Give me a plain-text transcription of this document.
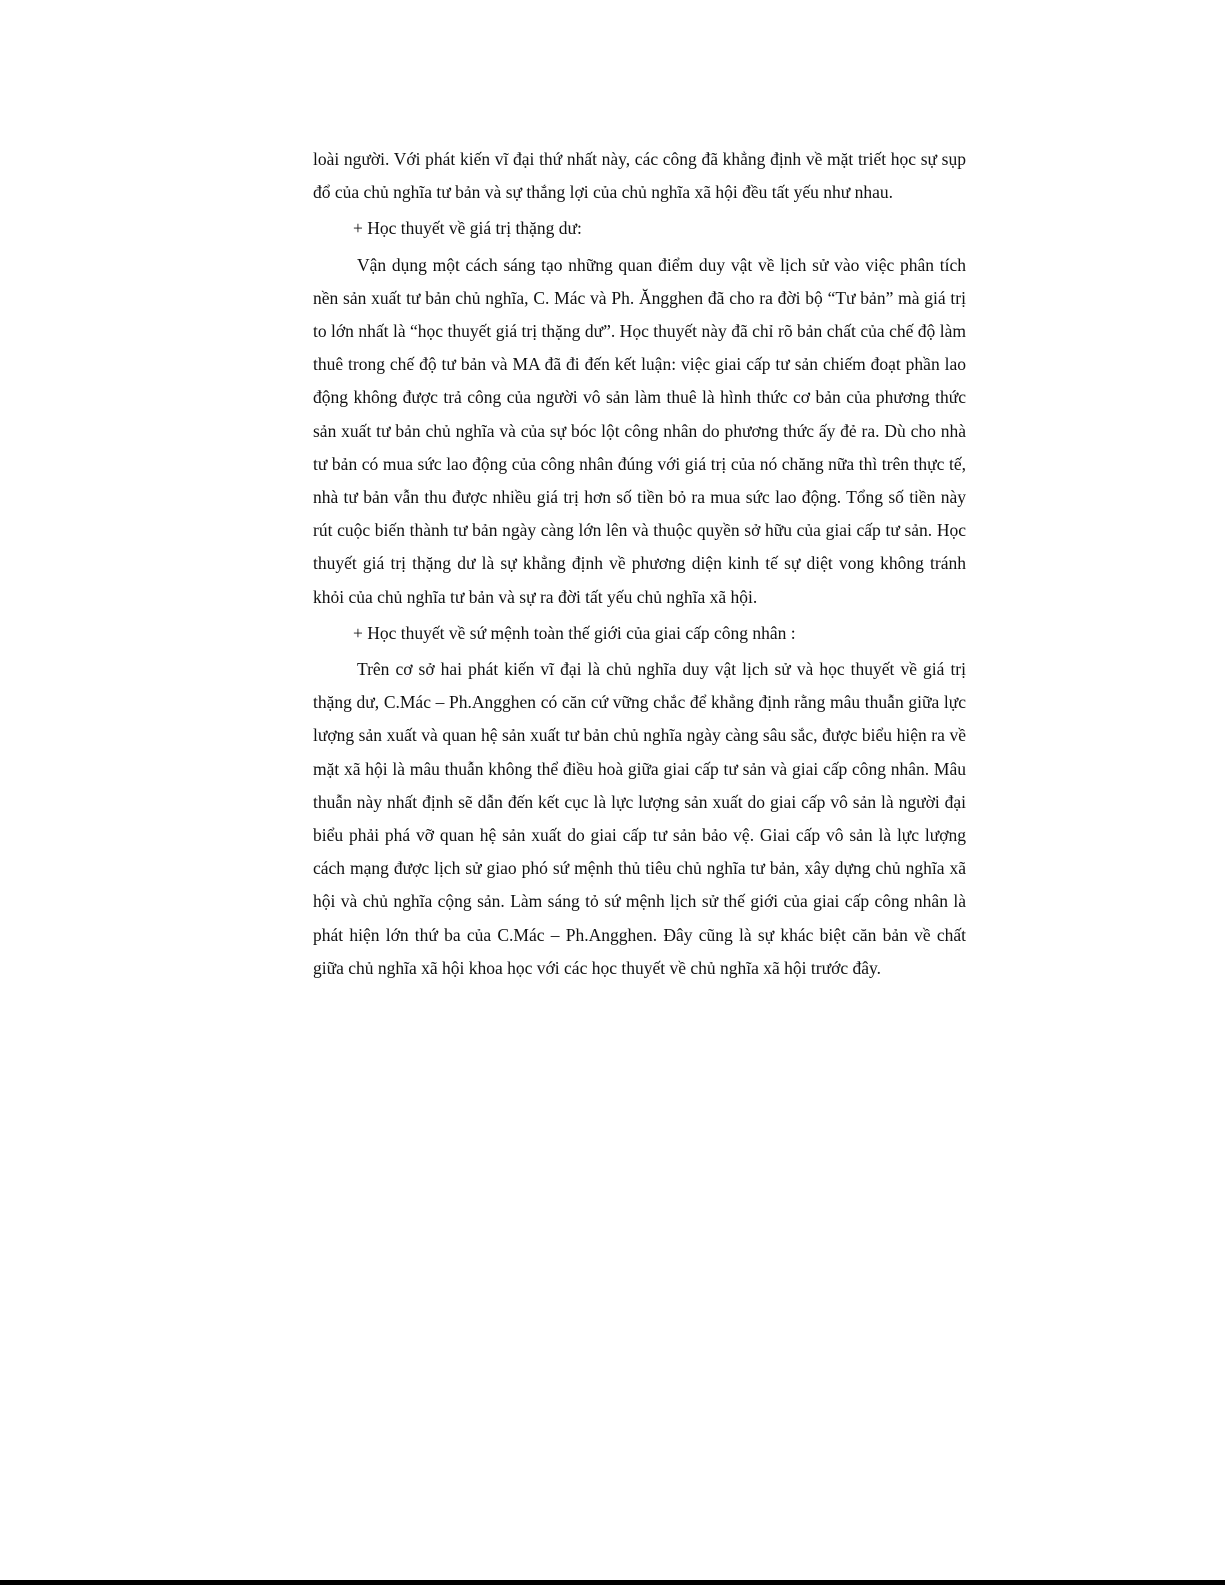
loài người. Với phát kiến vĩ đại thứ nhất này, các công đã khẳng định về mặt triết học sự sụp đổ của chủ nghĩa tư bản và sự thắng lợi của chủ nghĩa xã hội đều tất yếu như nhau.

+ Học thuyết về giá trị thặng dư:

Vận dụng một cách sáng tạo những quan điểm duy vật về lịch sử vào việc phân tích nền sản xuất tư bản chủ nghĩa, C. Mác và Ph. Ăngghen đã cho ra đời bộ “Tư bản” mà giá trị to lớn nhất là “học thuyết giá trị thặng dư”. Học thuyết này đã chỉ rõ bản chất của chế độ làm thuê trong chế độ tư bản và MA đã đi đến kết luận: việc giai cấp tư sản chiếm đoạt phần lao động không được trả công của người vô sản làm thuê là hình thức cơ bản của phương thức sản xuất tư bản chủ nghĩa và của sự bóc lột công nhân do phương thức ấy đẻ ra. Dù cho nhà tư bản có mua sức lao động của công nhân đúng với giá trị của nó chăng nữa thì trên thực tế, nhà tư bản vẫn thu được nhiều giá trị hơn số tiền bỏ ra mua sức lao động. Tổng số tiền này rút cuộc biến thành tư bản ngày càng lớn lên và thuộc quyền sở hữu của giai cấp tư sản. Học thuyết giá trị thặng dư là sự khẳng định về phương diện kinh tế sự diệt vong không tránh khỏi của chủ nghĩa tư bản và sự ra đời tất yếu chủ nghĩa xã hội.

+ Học thuyết về sứ mệnh toàn thế giới của giai cấp công nhân :

Trên cơ sở hai phát kiến vĩ đại là chủ nghĩa duy vật lịch sử và học thuyết về giá trị thặng dư, C.Mác – Ph.Angghen có căn cứ vững chắc để khẳng định rằng mâu thuẫn giữa lực lượng sản xuất và quan hệ sản xuất tư bản chủ nghĩa ngày càng sâu sắc, được biểu hiện ra về mặt xã hội là mâu thuẫn không thể điều hoà giữa giai cấp tư sản và giai cấp công nhân. Mâu thuẫn này nhất định sẽ dẫn đến kết cục là lực lượng sản xuất do giai cấp vô sản là người đại biểu phải phá vỡ quan hệ sản xuất do giai cấp tư sản bảo vệ. Giai cấp vô sản là lực lượng cách mạng được lịch sử giao phó sứ mệnh thủ tiêu chủ nghĩa tư bản, xây dựng chủ nghĩa xã hội và chủ nghĩa cộng sản. Làm sáng tỏ sứ mệnh lịch sử thế giới của giai cấp công nhân là phát hiện lớn thứ ba của C.Mác – Ph.Angghen. Đây cũng là sự khác biệt căn bản về chất giữa chủ nghĩa xã hội khoa học với các học thuyết về chủ nghĩa xã hội trước đây.
